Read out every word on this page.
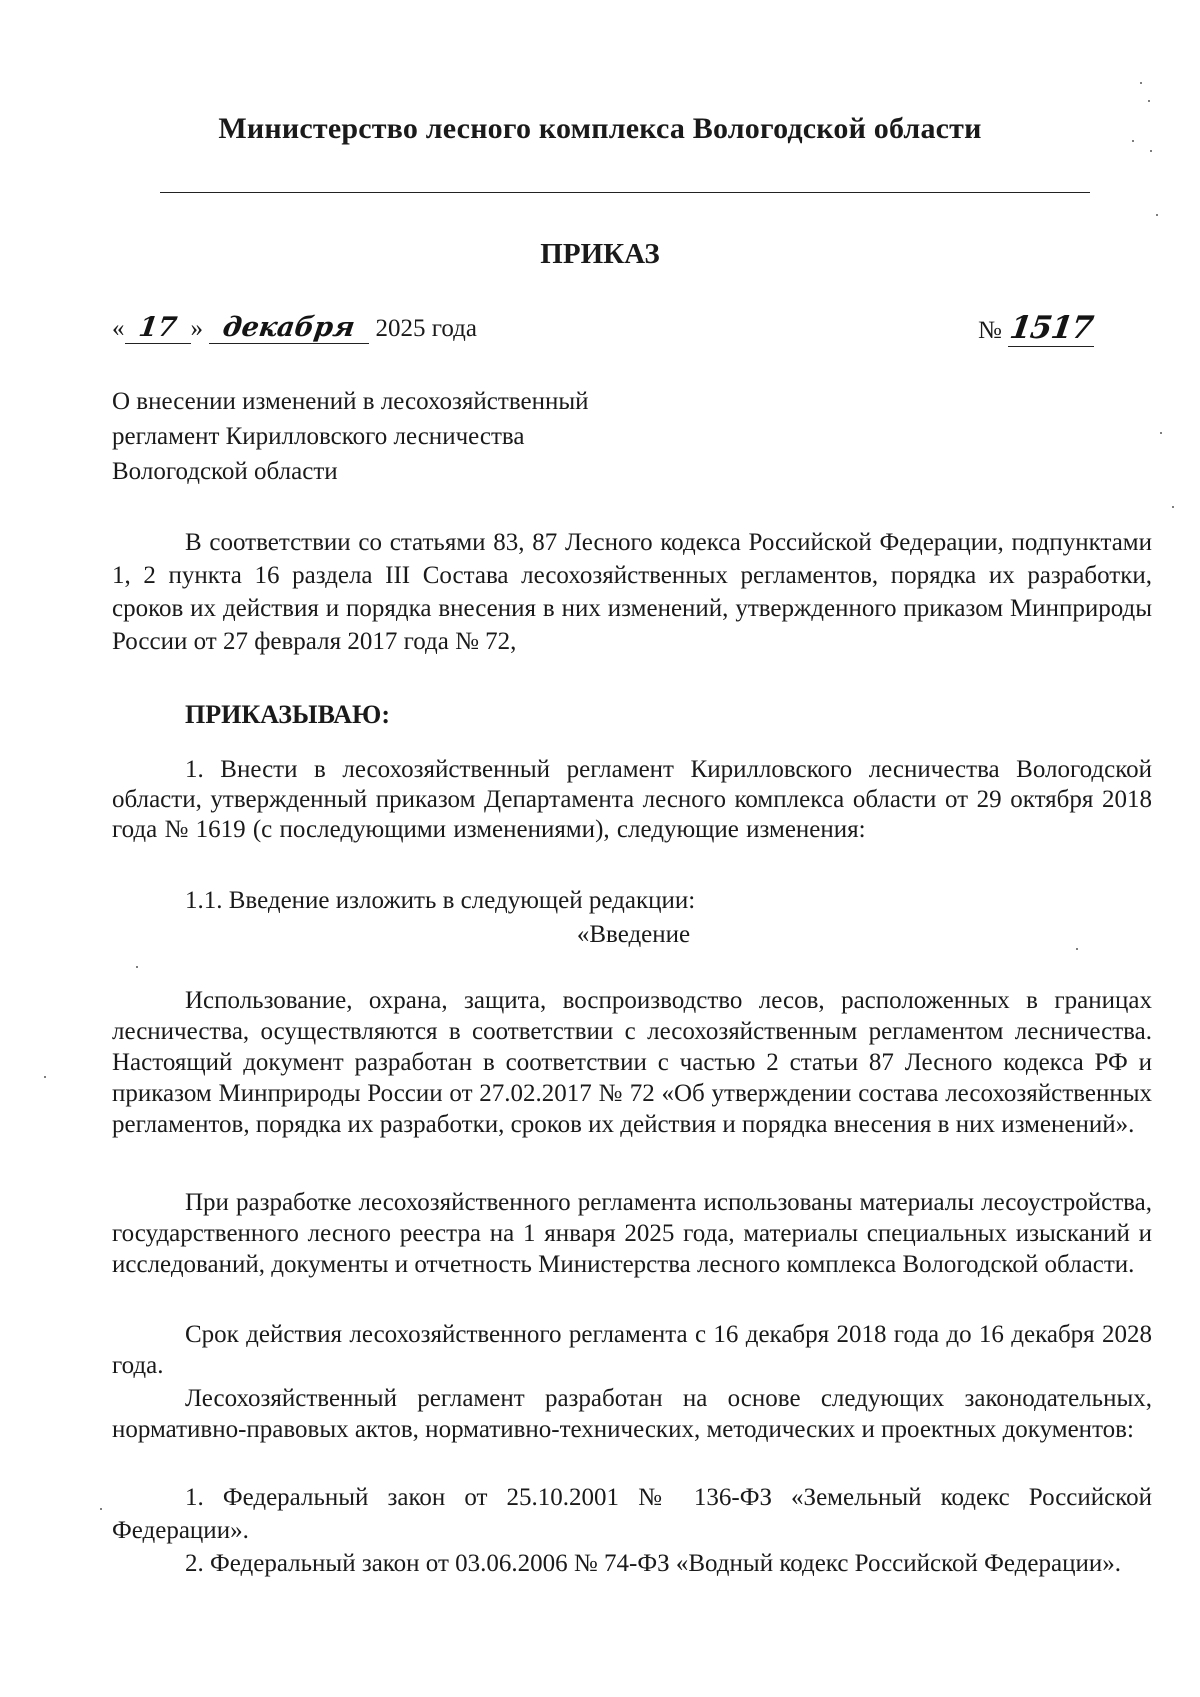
Министерство лесного комплекса Вологодской области
ПРИКАЗ
« 17 » декабря 2025 года	№ 1517
О внесении изменений в лесохозяйственный
регламент Кирилловского лесничества
Вологодской области
В соответствии со статьями 83, 87 Лесного кодекса Российской Федерации, подпунктами 1, 2 пункта 16 раздела III Состава лесохозяйственных регламентов, порядка их разработки, сроков их действия и порядка внесения в них изменений, утвержденного приказом Минприроды России от 27 февраля 2017 года № 72,
ПРИКАЗЫВАЮ:
1. Внести в лесохозяйственный регламент Кирилловского лесничества Вологодской области, утвержденный приказом Департамента лесного комплекса области от 29 октября 2018 года № 1619 (с последующими изменениями), следующие изменения:
1.1. Введение изложить в следующей редакции:
«Введение
Использование, охрана, защита, воспроизводство лесов, расположенных в границах лесничества, осуществляются в соответствии с лесохозяйственным регламентом лесничества. Настоящий документ разработан в соответствии с частью 2 статьи 87 Лесного кодекса РФ и приказом Минприроды России от 27.02.2017 № 72 «Об утверждении состава лесохозяйственных регламентов, порядка их разработки, сроков их действия и порядка внесения в них изменений».
При разработке лесохозяйственного регламента использованы материалы лесоустройства, государственного лесного реестра на 1 января 2025 года, материалы специальных изысканий и исследований, документы и отчетность Министерства лесного комплекса Вологодской области.
Срок действия лесохозяйственного регламента с 16 декабря 2018 года до 16 декабря 2028 года.
Лесохозяйственный регламент разработан на основе следующих законодательных, нормативно-правовых актов, нормативно-технических, методических и проектных документов:
1. Федеральный закон от 25.10.2001 № 136-ФЗ «Земельный кодекс Российской Федерации».
2. Федеральный закон от 03.06.2006 № 74-ФЗ «Водный кодекс Российской Федерации».
